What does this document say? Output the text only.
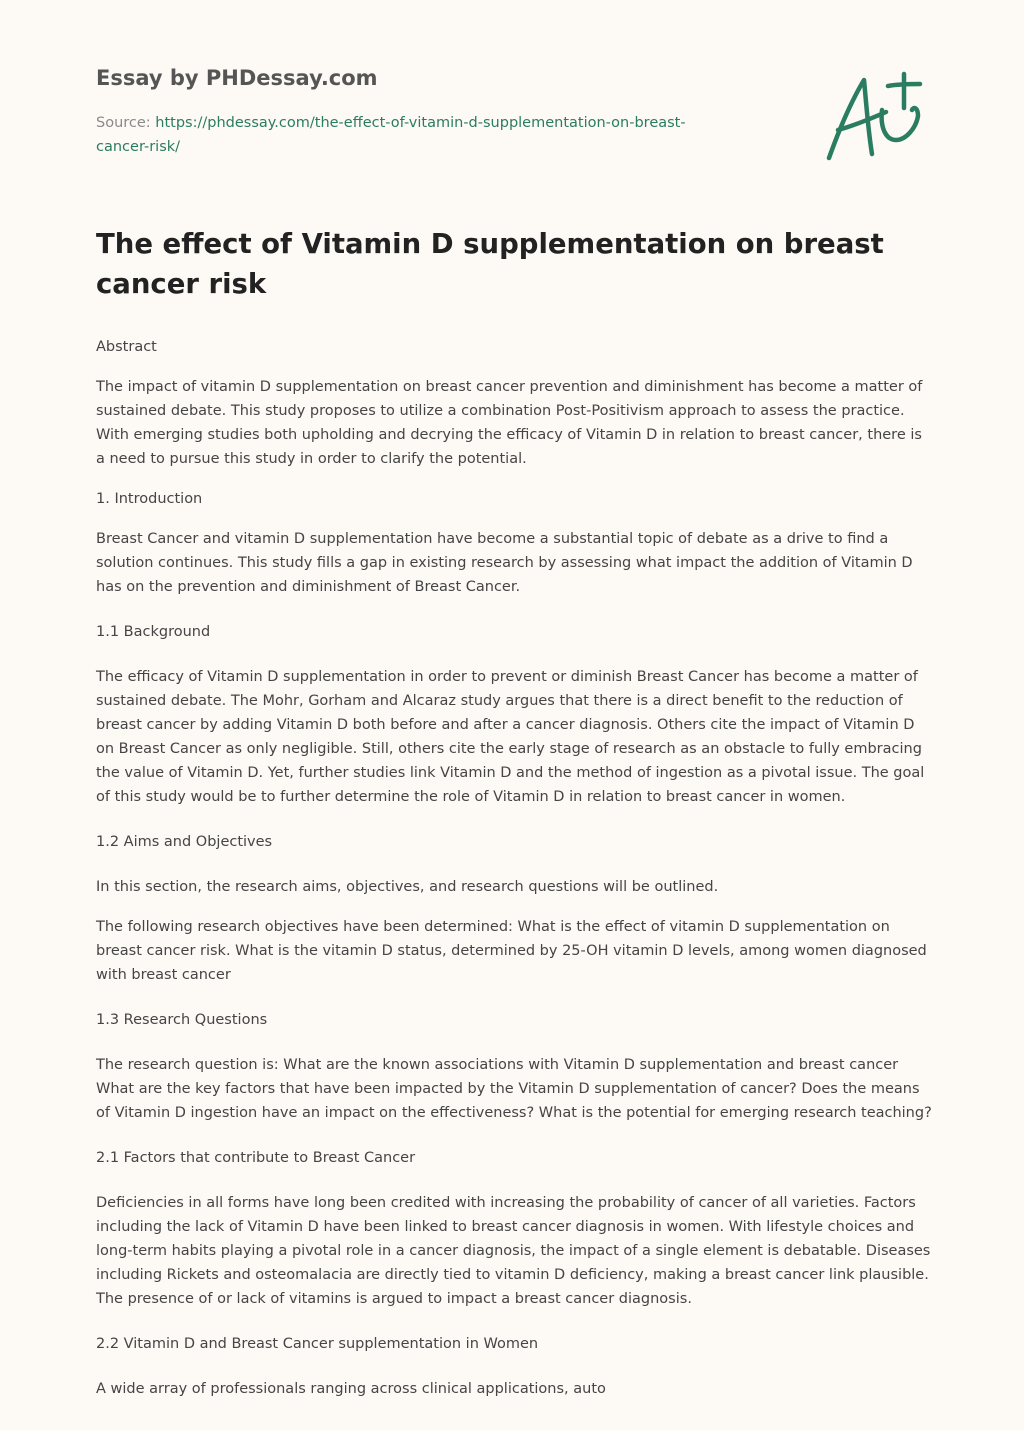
Essay by PHDessay.com
Source: https://phdessay.com/the-effect-of-vitamin-d-supplementation-on-breast-cancer-risk/
The effect of Vitamin D supplementation on breast cancer risk
Abstract
The impact of vitamin D supplementation on breast cancer prevention and diminishment has become a matter of sustained debate. This study proposes to utilize a combination Post-Positivism approach to assess the practice. With emerging studies both upholding and decrying the efficacy of Vitamin D in relation to breast cancer, there is a need to pursue this study in order to clarify the potential.
1. Introduction
Breast Cancer and vitamin D supplementation have become a substantial topic of debate as a drive to find a solution continues. This study fills a gap in existing research by assessing what impact the addition of Vitamin D has on the prevention and diminishment of Breast Cancer.
1.1 Background
The efficacy of Vitamin D supplementation in order to prevent or diminish Breast Cancer has become a matter of sustained debate. The Mohr, Gorham and Alcaraz study argues that there is a direct benefit to the reduction of breast cancer by adding Vitamin D both before and after a cancer diagnosis. Others cite the impact of Vitamin D on Breast Cancer as only negligible. Still, others cite the early stage of research as an obstacle to fully embracing the value of Vitamin D. Yet, further studies link Vitamin D and the method of ingestion as a pivotal issue. The goal of this study would be to further determine the role of Vitamin D in relation to breast cancer in women.
1.2 Aims and Objectives
In this section, the research aims, objectives, and research questions will be outlined.
The following research objectives have been determined: What is the effect of vitamin D supplementation on breast cancer risk. What is the vitamin D status, determined by 25-OH vitamin D levels, among women diagnosed with breast cancer
1.3 Research Questions
The research question is: What are the known associations with Vitamin D supplementation and breast cancer What are the key factors that have been impacted by the Vitamin D supplementation of cancer? Does the means of Vitamin D ingestion have an impact on the effectiveness? What is the potential for emerging research teaching?
2.1 Factors that contribute to Breast Cancer
Deficiencies in all forms have long been credited with increasing the probability of cancer of all varieties. Factors including the lack of Vitamin D have been linked to breast cancer diagnosis in women. With lifestyle choices and long-term habits playing a pivotal role in a cancer diagnosis, the impact of a single element is debatable. Diseases including Rickets and osteomalacia are directly tied to vitamin D deficiency, making a breast cancer link plausible. The presence of or lack of vitamins is argued to impact a breast cancer diagnosis.
2.2 Vitamin D and Breast Cancer supplementation in Women
A wide array of professionals ranging across clinical applications, auto
